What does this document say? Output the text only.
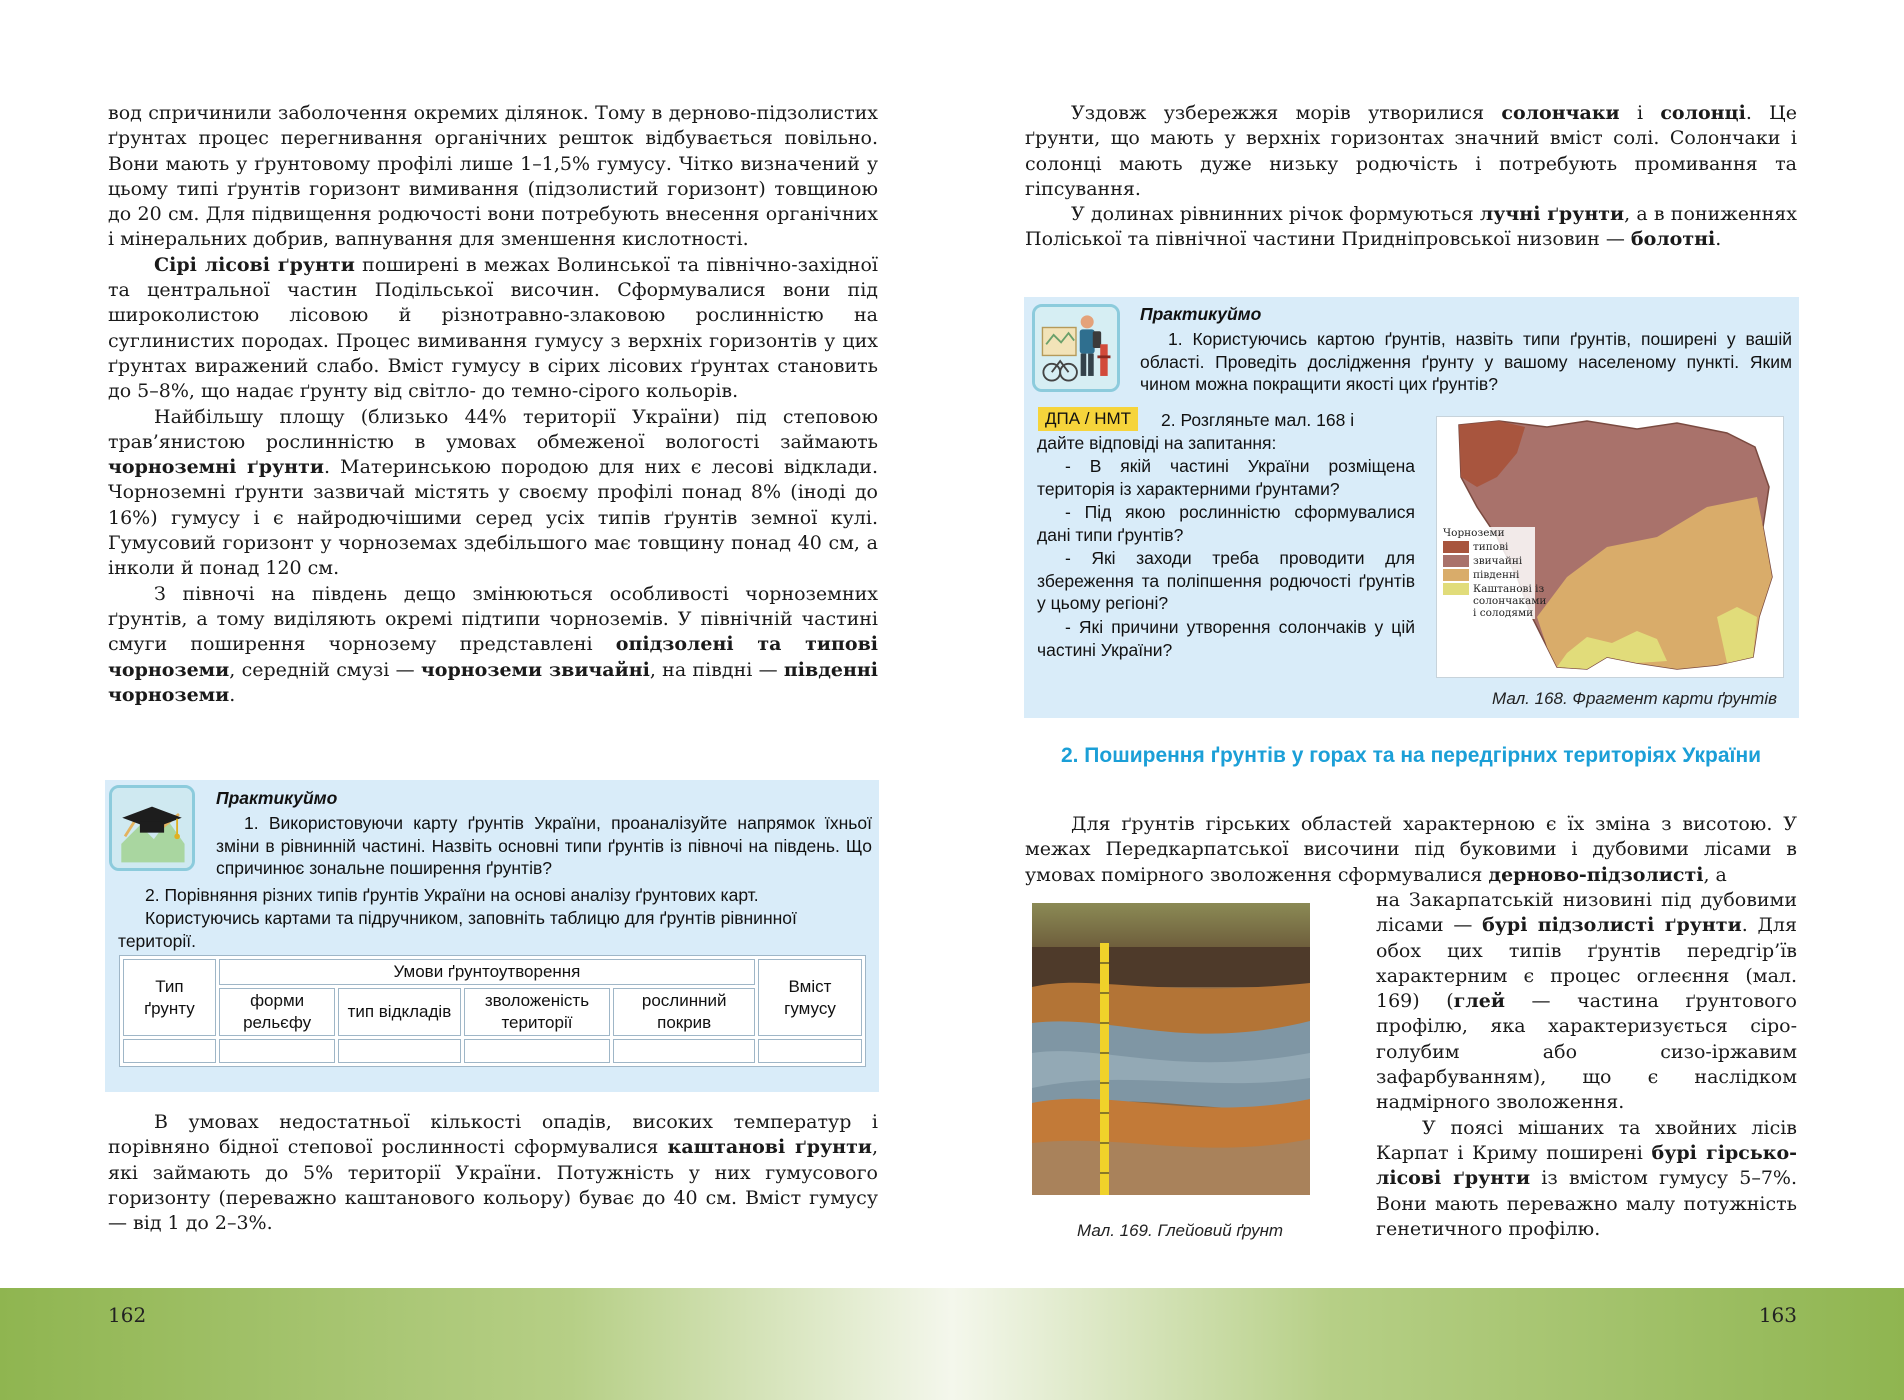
вод спричинили заболочення окремих ділянок. Тому в дерново-підзолистих ґрунтах процес перегнивання органічних решток відбувається повільно. Вони мають у ґрунтовому профілі лише 1–1,5% гумусу. Чітко визначений у цьому типі ґрунтів горизонт вимивання (підзолистий горизонт) товщиною до 20 см. Для підвищення родючості вони потребують внесення органічних і мінеральних добрив, вапнування для зменшення кислотності.

Сірі лісові ґрунти поширені в межах Волинської та північно-західної та центральної частин Подільської височин. Сформувалися вони під широколистою лісовою й різнотравно-злаковою рослинністю на суглинистих породах. Процес вимивання гумусу з верхніх горизонтів у цих ґрунтах виражений слабо. Вміст гумусу в сірих лісових ґрунтах становить до 5–8%, що надає ґрунту від світло- до темно-сірого кольорів.

Найбільшу площу (близько 44% території України) під степовою трав’янистою рослинністю в умовах обмеженої вологості займають чорноземні ґрунти. Материнською породою для них є лесові відклади. Чорноземні ґрунти зазвичай містять у своєму профілі понад 8% (іноді до 16%) гумусу і є найродючішими серед усіх типів ґрунтів земної кулі. Гумусовий горизонт у чорноземах здебільшого має товщину понад 40 см, а інколи й понад 120 см.

З півночі на південь дещо змінюються особливості чорноземних ґрунтів, а тому виділяють окремі підтипи чорноземів. У північній частині смуги поширення чорнозему представлені опідзолені та типові чорноземи, середній смузі — чорноземи звичайні, на півдні — південні чорноземи.

Практикуймо
1. Використовуючи карту ґрунтів України, проаналізуйте напрямок їхньої зміни в рівнинній частині. Назвіть основні типи ґрунтів із півночі на південь. Що спричинює зональне поширення ґрунтів?
2. Порівняння різних типів ґрунтів України на основі аналізу ґрунтових карт.
Користуючись картами та підручником, заповніть таблицю для ґрунтів рівнинної території.
Тип ґрунту	Умови ґрунтоутворення				Вміст гумусу
	форми рельєфу	тип відкладів	зволоженість території	рослинний покрив	

В умовах недостатньої кількості опадів, високих температур і порівняно бідної степової рослинності сформувалися каштанові ґрунти, які займають до 5% території України. Потужність у них гумусового горизонту (переважно каштанового кольору) буває до 40 см. Вміст гумусу — від 1 до 2–3%.

Уздовж узбережжя морів утворилися солончаки і солонці. Це ґрунти, що мають у верхніх горизонтах значний вміст солі. Солончаки і солонці мають дуже низьку родючість і потребують промивання та гіпсування.

У долинах рівнинних річок формуються лучні ґрунти, а в пониженнях Поліської та північної частини Придніпровської низовин — болотні.

Практикуймо
1. Користуючись картою ґрунтів, назвіть типи ґрунтів, поширені у вашій області. Проведіть дослідження ґрунту у вашому населеному пункті. Яким чином можна покращити якості цих ґрунтів?
ДПА / НМТ	2. Розгляньте мал. 168 і
дайте відповіді на запитання:
- В якій частині України розміщена територія із характерними ґрунтами?
- Під якою рослинністю сформувалися дані типи ґрунтів?
- Які заходи треба проводити для збереження та поліпшення родючості ґрунтів у цьому регіоні?
- Які причини утворення солончаків у цій частині України?
Чорноземи
типові
звичайні
південні
Каштанові із солончаками і солодями
Мал. 168. Фрагмент карти ґрунтів
2. Поширення ґрунтів у горах та на передгірних територіях України

Для ґрунтів гірських областей характерною є їх зміна з висотою. У межах Передкарпатської височини під буковими і дубовими лісами в умовах помірного зволоження сформувалися дерново-підзолисті, а

Мал. 169. Глейовий ґрунт

на Закарпатській низовині під дубовими лісами — бурі підзолисті ґрунти. Для обох цих типів ґрунтів передгір’їв характерним є процес оглеєння (мал. 169) (глей — частина ґрунтового профілю, яка характеризується сіро-голубим або сизо-іржавим зафарбуванням), що є наслідком надмірного зволоження.

У поясі мішаних та хвойних лісів Карпат і Криму поширені бурі гірсько-лісові ґрунти із вмістом гумусу 5–7%. Вони мають переважно малу потужність генетичного профілю.

162	163
